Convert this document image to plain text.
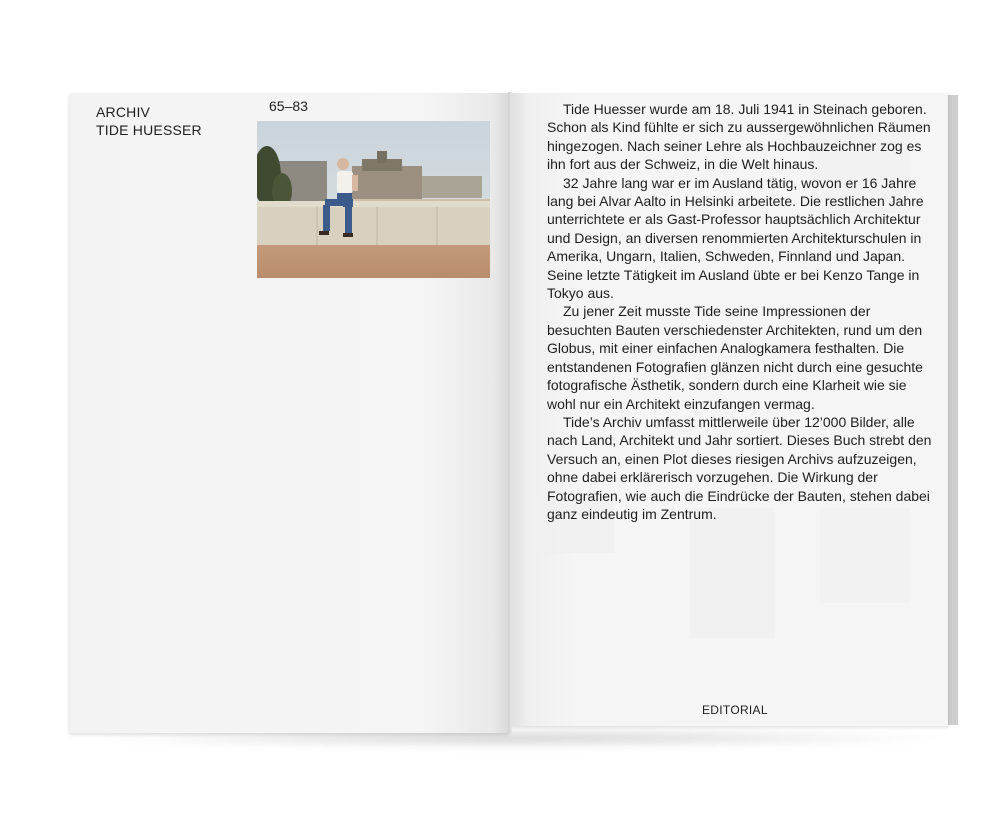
ARCHIV
TIDE HUESSER
65–83	Tide Huesser wurde am 18. Juli 1941 in Steinach geboren. Schon als Kind fühlte er sich zu aussergewöhnlichen Räumen hingezogen. Nach seiner Lehre als Hochbauzeichner zog es ihn fort aus der Schweiz, in die Welt hinaus.

32 Jahre lang war er im Ausland tätig, wovon er 16 Jahre lang bei Alvar Aalto in Helsinki arbeitete. Die restlichen Jahre unterrichtete er als Gast-Professor hauptsächlich Architektur und Design, an diversen renommierten Architekturschulen in Amerika, Ungarn, Italien, Schweden, Finnland und Japan. Seine letzte Tätigkeit im Ausland übte er bei Kenzo Tange in Tokyo aus.

Zu jener Zeit musste Tide seine Impressionen der besuchten Bauten verschiedenster Architekten, rund um den Globus, mit einer einfachen Analogkamera festhalten. Die entstandenen Fotografien glänzen nicht durch eine gesuchte fotografische Ästhetik, sondern durch eine Klarheit wie sie wohl nur ein Architekt einzufangen vermag.

Tide’s Archiv umfasst mittlerweile über 12’000 Bilder, alle nach Land, Architekt und Jahr sortiert. Dieses Buch strebt den Versuch an, einen Plot dieses riesigen Archivs aufzuzeigen, ohne dabei erklärerisch vorzugehen. Die Wirkung der Fotografien, wie auch die Eindrücke der Bauten, stehen dabei ganz eindeutig im Zentrum.

EDITORIAL
